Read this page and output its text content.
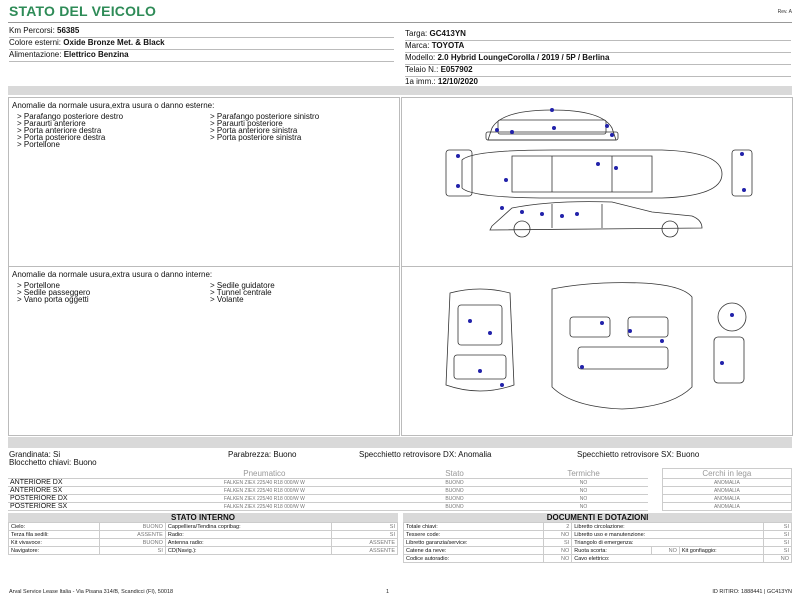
STATO DEL VEICOLO	Rev. A
Km Percorsi: 56385
Colore esterni: Oxide Bronze Met. & Black
Alimentazione: Elettrico Benzina
Targa: GC413YN
Marca: TOYOTA
Modello: 2.0 Hybrid LoungeCorolla / 2019 / 5P / Berlina
Telaio N.: E057902
1a imm.: 12/10/2020
Anomalie da normale usura,extra usura o danno esterne:
> Parafango posteriore destro
> Paraurti anteriore
> Porta anteriore destra
> Porta posteriore destra
> Portellone
> Parafango posteriore sinistro
> Paraurti posteriore
> Porta anteriore sinistra
> Porta posteriore sinistra
Anomalie da normale usura,extra usura o danno interne:
> Portellone
> Sedile passeggero
> Vano porta oggetti
> Sedile guidatore
> Tunnel centrale
> Volante
Grandinata: Si	Parabrezza: Buono	Specchietto retrovisore DX: Anomalia	Specchietto retrovisore SX: Buono
Blocchetto chiavi: Buono
	Pneumatico	Stato	Termiche		Cerchi in lega
ANTERIORE DX	FALKEN ZIEX 225/40 R18 000/W W	BUONO	NO		ANOMALIA
ANTERIORE SX	FALKEN ZIEX 225/40 R18 000/W W	BUONO	NO		ANOMALIA
POSTERIORE DX	FALKEN ZIEX 225/40 R18 000/W W	BUONO	NO		ANOMALIA
POSTERIORE SX	FALKEN ZIEX 225/40 R18 000/W W	BUONO	NO		ANOMALIA
STATO INTERNO
Cielo:	BUONO	Cappelliera/Tendina copribag:	SI
Terza fila sedili:	ASSENTE	Radio:	SI
Kit vivavoce:	BUONO	Antenna radio:	ASSENTE
Navigatore:	SI	CD(Navig.):	ASSENTE
DOCUMENTI E DOTAZIONI
Totale chiavi:	2	Libretto circolazione:			SI
Tessere code:	NO	Libretto uso e manutenzione:			SI
Libretto garanzia/service:	SI	Triangolo di emergenza:			SI
Catene da neve:	NO	Ruota scorta:	NO	Kit gonfiaggio:	SI
Codice autoradio:	NO	Cavo elettrico:			NO
Arval Service Lease Italia - Via Pisana 314/B, Scandicci (FI), 50018	1	ID RITIRO: 1888441 | GC413YN
